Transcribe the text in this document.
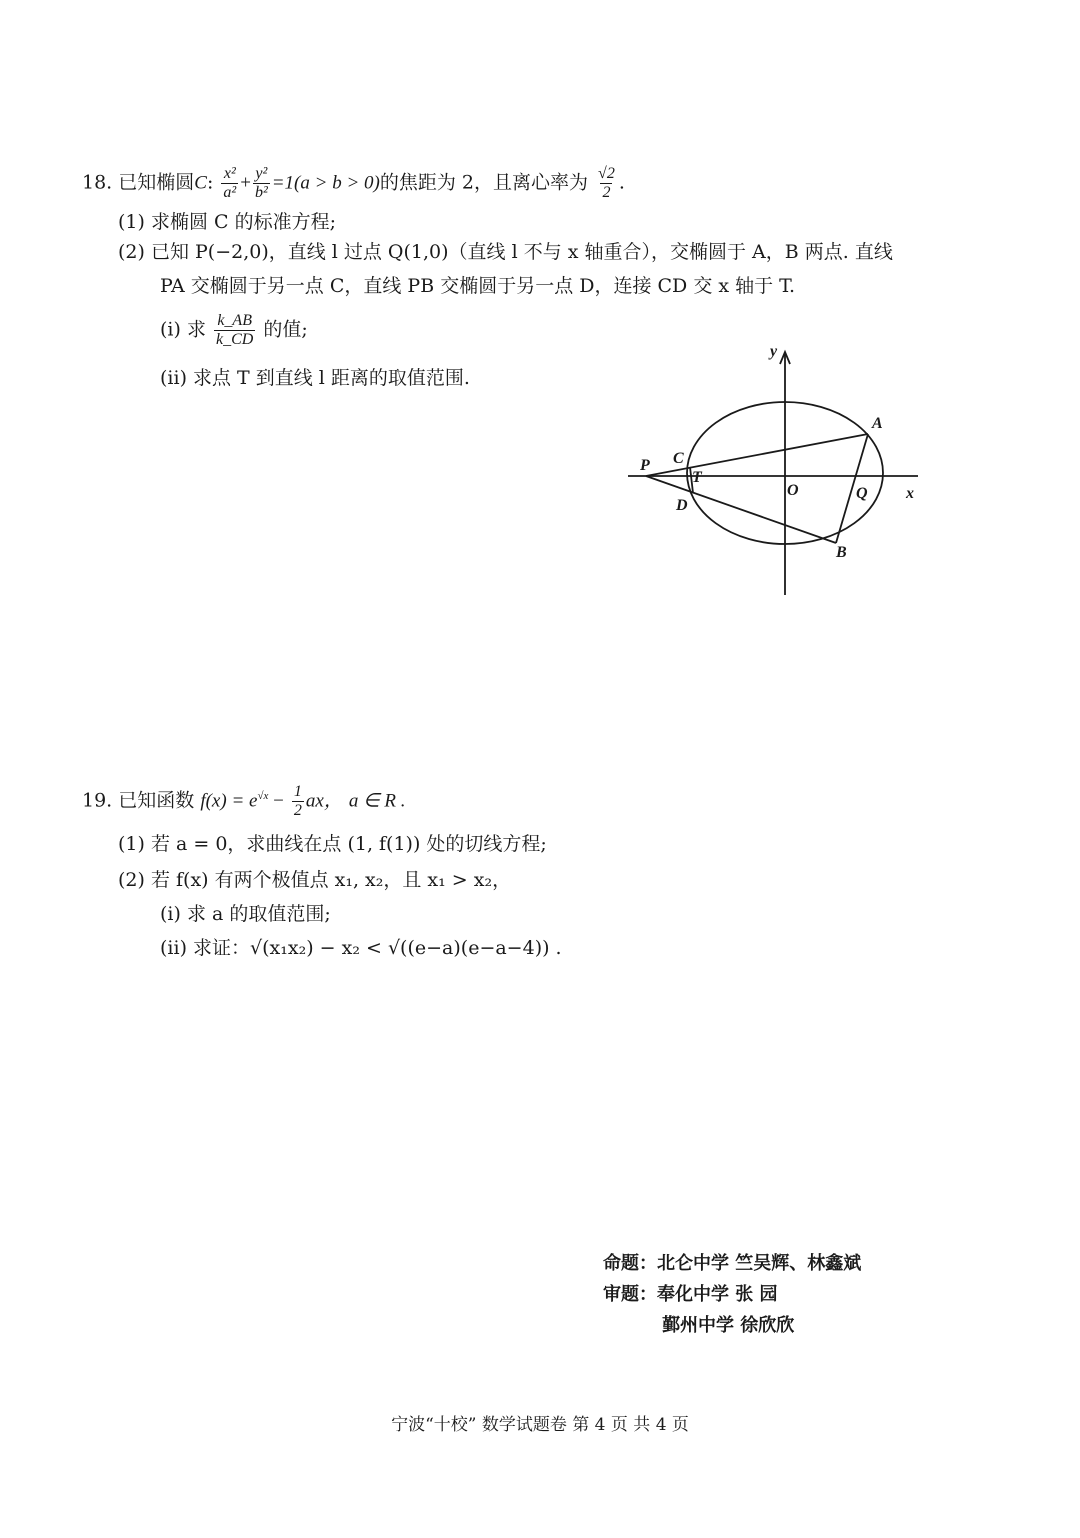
18. 已知椭圆C: $\frac{\text{x²}}{\text{a²}} + \frac{\text{y²}}{\text{b²}} =1(a > b > 0)$的焦距为 2，且离心率为 $\frac{√2}{2}$ .
(1) 求椭圆 C 的标准方程;
(2) 已知 P(−2,0)，直线 l 过点 Q(1,0)（直线 l 不与 x 轴重合），交椭圆于 A，B 两点. 直线
PA 交椭圆于另一点 C，直线 PB 交椭圆于另一点 D，连接 CD 交 x 轴于 T.
(i) 求 $\frac{k\_AB}{k\_CD}$ 的值;
(ii) 求点 T 到直线 l 距离的取值范围.
y
A
C
P
T
O	Q x
D
B
19. 已知函数 $f(x) = e^{√x} - \frac{1}{2}$ ax， a ∈ R .
(1) 若 a = 0，求曲线在点 (1, f(1)) 处的切线方程;
(2) 若 f(x) 有两个极值点 x₁, x₂，且 x₁ > x₂，
(i) 求 a 的取值范围;
(ii) 求证：√(x₁x₂) − x₂ < √((e−a)(e−a−4)) .
命题：北仑中学 竺吴辉、林鑫斌
审题：奉化中学 张 园
鄞州中学 徐欣欣
宁波“十校” 数学试题卷 第 4 页 共 4 页
